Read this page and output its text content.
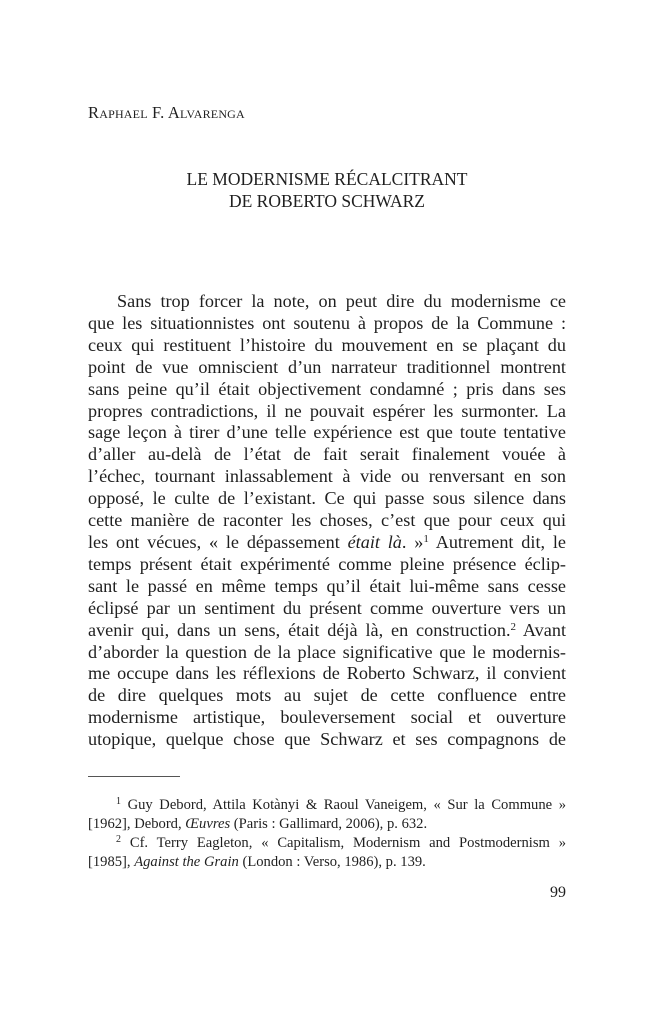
Raphael F. Alvarenga
LE MODERNISME RÉCALCITRANT
DE ROBERTO SCHWARZ
Sans trop forcer la note, on peut dire du modernisme ce
que les situationnistes ont soutenu à propos de la Commune :
ceux qui restituent l’histoire du mouvement en se plaçant du
point de vue omniscient d’un narrateur traditionnel montrent
sans peine qu’il était objectivement condamné ; pris dans ses
propres contradictions, il ne pouvait espérer les surmonter. La
sage leçon à tirer d’une telle expérience est que toute tentative
d’aller au-delà de l’état de fait serait finalement vouée à
l’échec, tournant inlassablement à vide ou renversant en son
opposé, le culte de l’existant. Ce qui passe sous silence dans
cette manière de raconter les choses, c’est que pour ceux qui
les ont vécues, « le dépassement était là. »$^1$ Autrement dit, le
temps présent était expérimenté comme pleine présence éclip-
sant le passé en même temps qu’il était lui-même sans cesse
éclipsé par un sentiment du présent comme ouverture vers un
avenir qui, dans un sens, était déjà là, en construction.$^2$ Avant
d’aborder la question de la place significative que le modernis-
me occupe dans les réflexions de Roberto Schwarz, il convient
de dire quelques mots au sujet de cette confluence entre
modernisme artistique, bouleversement social et ouverture
utopique, quelque chose que Schwarz et ses compagnons de
$^1$ Guy Debord, Attila Kotànyi & Raoul Vaneigem, « Sur la Commune »
[1962], Debord, Œuvres (Paris : Gallimard, 2006), p. 632.
$^2$ Cf. Terry Eagleton, « Capitalism, Modernism and Postmodernism »
[1985], Against the Grain (London : Verso, 1986), p. 139.
99
